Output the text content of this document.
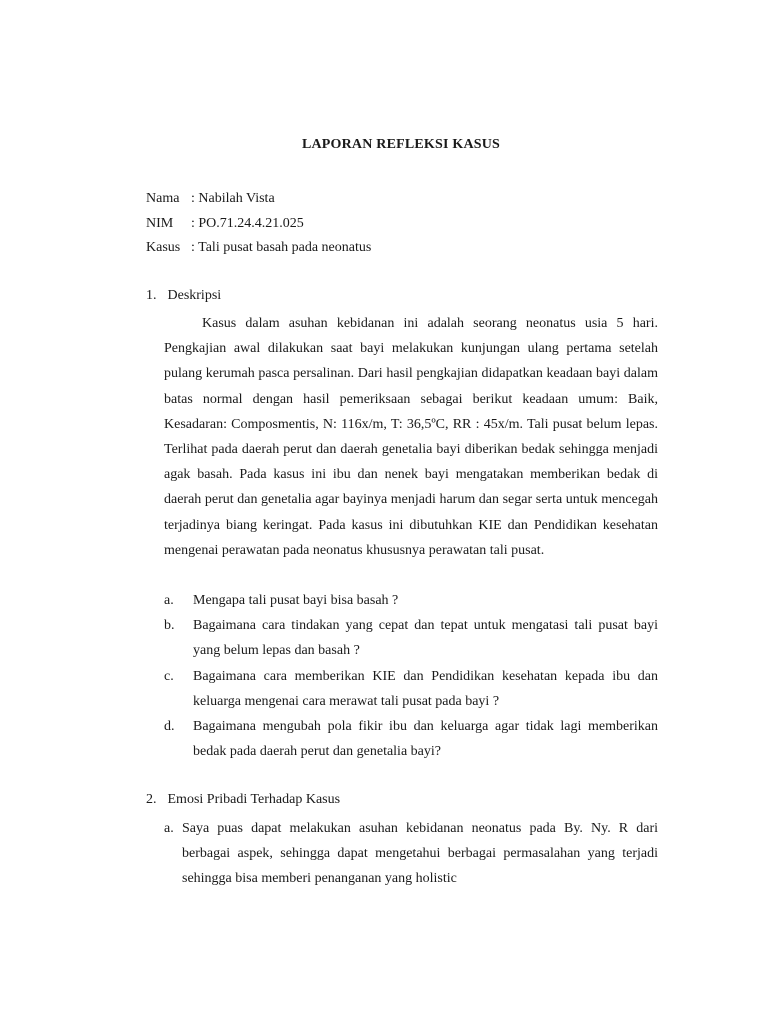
LAPORAN REFLEKSI KASUS
Nama : Nabilah Vista
NIM	: PO.71.24.4.21.025
Kasus : Tali pusat basah pada neonatus
1. Deskripsi
Kasus dalam asuhan kebidanan ini adalah seorang neonatus usia 5 hari. Pengkajian awal dilakukan saat bayi melakukan kunjungan ulang pertama setelah pulang kerumah pasca persalinan. Dari hasil pengkajian didapatkan keadaan bayi dalam batas normal dengan hasil pemeriksaan sebagai berikut keadaan umum: Baik, Kesadaran: Composmentis, N: 116x/m, T: 36,5ºC, RR : 45x/m. Tali pusat belum lepas. Terlihat pada daerah perut dan daerah genetalia bayi diberikan bedak sehingga menjadi agak basah. Pada kasus ini ibu dan nenek bayi mengatakan memberikan bedak di daerah perut dan genetalia agar bayinya menjadi harum dan segar serta untuk mencegah terjadinya biang keringat. Pada kasus ini dibutuhkan KIE dan Pendidikan kesehatan mengenai perawatan pada neonatus khususnya perawatan tali pusat.
a. Mengapa tali pusat bayi bisa basah ?
b. Bagaimana cara tindakan yang cepat dan tepat untuk mengatasi tali pusat bayi yang belum lepas dan basah ?
c. Bagaimana cara memberikan KIE dan Pendidikan kesehatan kepada ibu dan keluarga mengenai cara merawat tali pusat pada bayi ?
d. Bagaimana mengubah pola fikir ibu dan keluarga agar tidak lagi memberikan bedak pada daerah perut dan genetalia bayi?
2. Emosi Pribadi Terhadap Kasus
a. Saya puas dapat melakukan asuhan kebidanan neonatus pada By. Ny. R dari berbagai aspek, sehingga dapat mengetahui berbagai permasalahan yang terjadi sehingga bisa memberi penanganan yang holistic
